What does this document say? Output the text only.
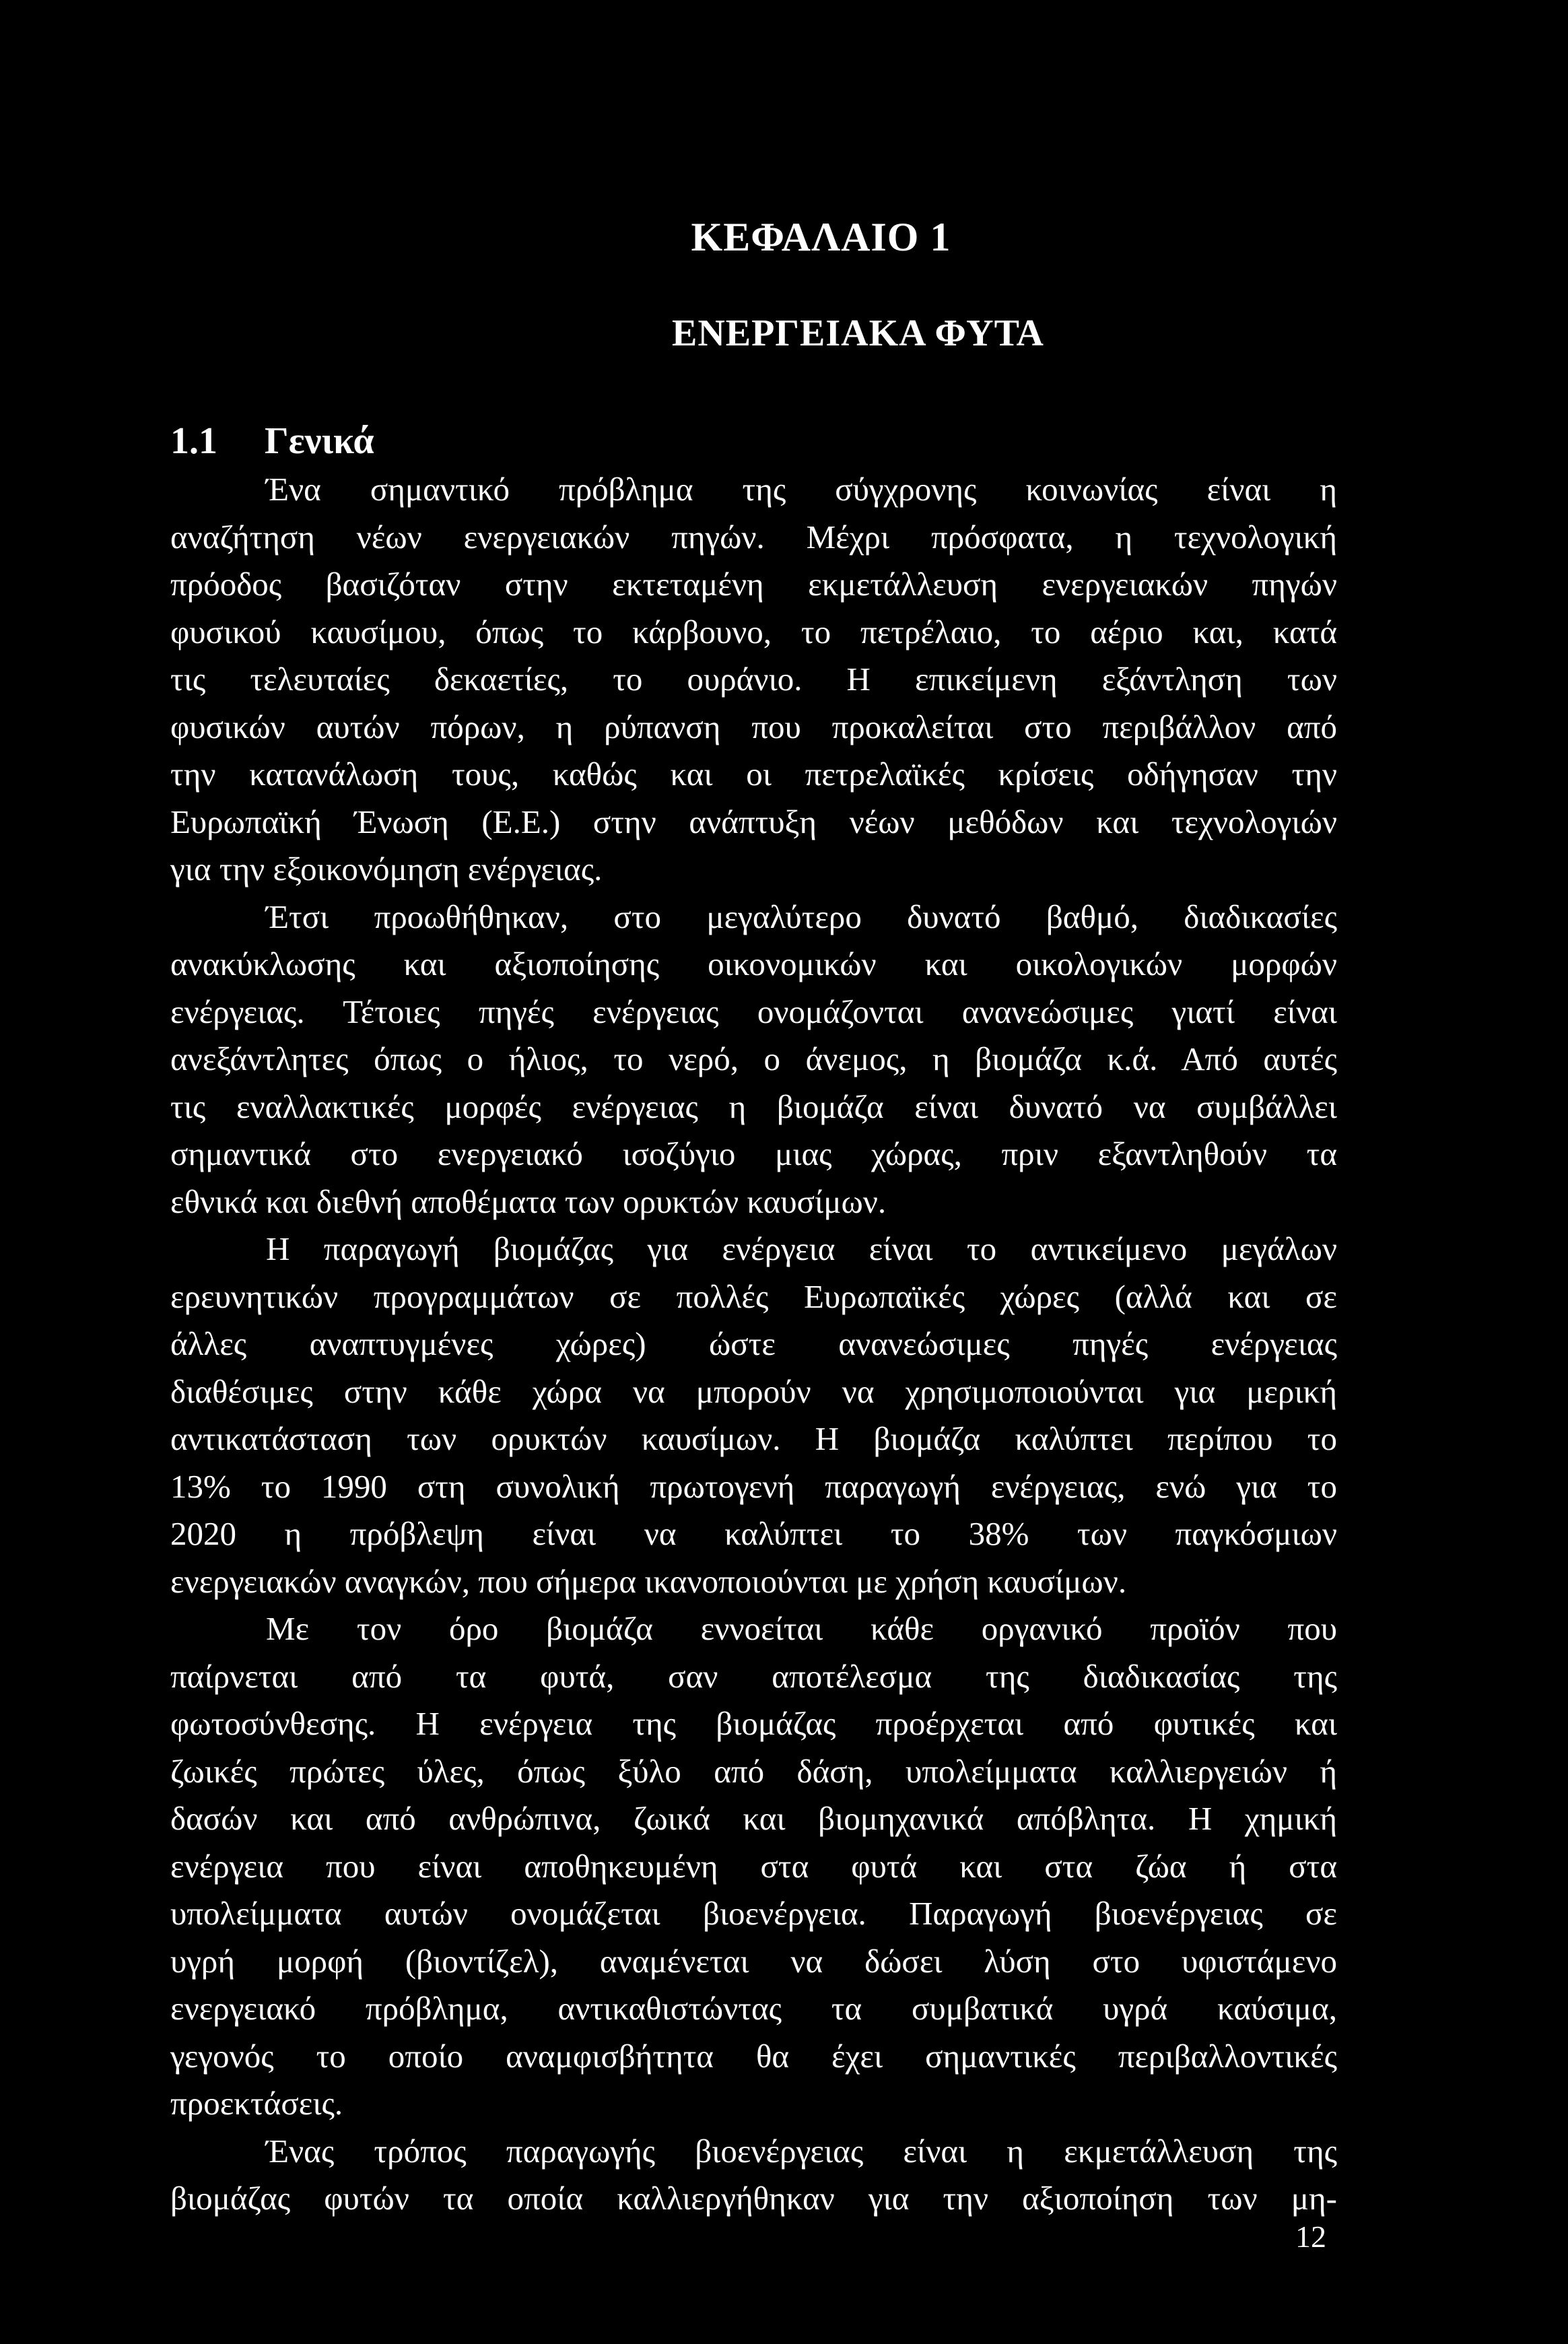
ΚΕΦΑΛΑΙΟ 1
ΕΝΕΡΓΕΙΑΚΑ ΦΥΤΑ
1.1 Γενικά
Ένα σημαντικό πρόβλημα της σύγχρονης κοινωνίας είναι η
αναζήτηση νέων ενεργειακών πηγών. Μέχρι πρόσφατα, η τεχνολογική
πρόοδος βασιζόταν στην εκτεταμένη εκμετάλλευση ενεργειακών πηγών
φυσικού καυσίμου, όπως το κάρβουνο, το πετρέλαιο, το αέριο και, κατά
τις τελευταίες δεκαετίες, το ουράνιο. Η επικείμενη εξάντληση των
φυσικών αυτών πόρων, η ρύπανση που προκαλείται στο περιβάλλον από
την κατανάλωση τους, καθώς και οι πετρελαϊκές κρίσεις οδήγησαν την
Ευρωπαϊκή Ένωση (Ε.Ε.) στην ανάπτυξη νέων μεθόδων και τεχνολογιών
για την εξοικονόμηση ενέργειας.
Έτσι προωθήθηκαν, στο μεγαλύτερο δυνατό βαθμό, διαδικασίες
ανακύκλωσης και αξιοποίησης οικονομικών και οικολογικών μορφών
ενέργειας. Τέτοιες πηγές ενέργειας ονομάζονται ανανεώσιμες γιατί είναι
ανεξάντλητες όπως ο ήλιος, το νερό, ο άνεμος, η βιομάζα κ.ά. Από αυτές
τις εναλλακτικές μορφές ενέργειας η βιομάζα είναι δυνατό να συμβάλλει
σημαντικά στο ενεργειακό ισοζύγιο μιας χώρας, πριν εξαντληθούν τα
εθνικά και διεθνή αποθέματα των ορυκτών καυσίμων.
Η παραγωγή βιομάζας για ενέργεια είναι το αντικείμενο μεγάλων
ερευνητικών προγραμμάτων σε πολλές Ευρωπαϊκές χώρες (αλλά και σε
άλλες αναπτυγμένες χώρες) ώστε ανανεώσιμες πηγές ενέργειας
διαθέσιμες στην κάθε χώρα να μπορούν να χρησιμοποιούνται για μερική
αντικατάσταση των ορυκτών καυσίμων. Η βιομάζα καλύπτει περίπου το
13% το 1990 στη συνολική πρωτογενή παραγωγή ενέργειας, ενώ για το
2020 η πρόβλεψη είναι να καλύπτει το 38% των παγκόσμιων
ενεργειακών αναγκών, που σήμερα ικανοποιούνται με χρήση καυσίμων.
Με τον όρο βιομάζα εννοείται κάθε οργανικό προϊόν που
παίρνεται από τα φυτά, σαν αποτέλεσμα της διαδικασίας της
φωτοσύνθεσης. Η ενέργεια της βιομάζας προέρχεται από φυτικές και
ζωικές πρώτες ύλες, όπως ξύλο από δάση, υπολείμματα καλλιεργειών ή
δασών και από ανθρώπινα, ζωικά και βιομηχανικά απόβλητα. Η χημική
ενέργεια που είναι αποθηκευμένη στα φυτά και στα ζώα ή στα
υπολείμματα αυτών ονομάζεται βιοενέργεια. Παραγωγή βιοενέργειας σε
υγρή μορφή (βιοντίζελ), αναμένεται να δώσει λύση στο υφιστάμενο
ενεργειακό πρόβλημα, αντικαθιστώντας τα συμβατικά υγρά καύσιμα,
γεγονός το οποίο αναμφισβήτητα θα έχει σημαντικές περιβαλλοντικές
προεκτάσεις.
Ένας τρόπος παραγωγής βιοενέργειας είναι η εκμετάλλευση της
βιομάζας φυτών τα οποία καλλιεργήθηκαν για την αξιοποίηση των μη-
12
